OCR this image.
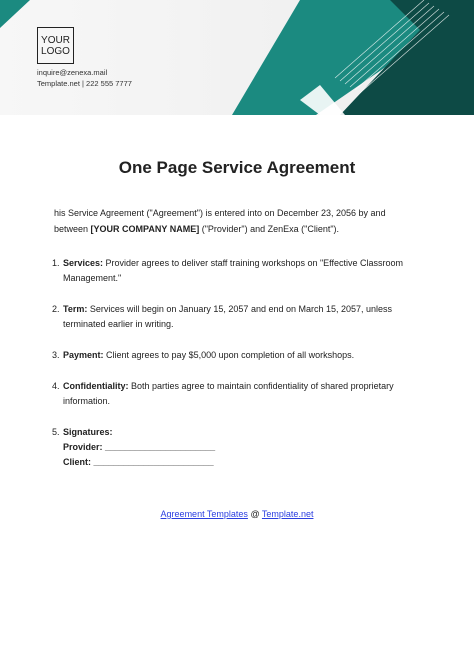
YOUR
LOGO
inquire@zenexa.mail
Template.net | 222 555 7777
One Page Service Agreement
his Service Agreement ("Agreement") is entered into on December 23, 2056 by and
between [YOUR COMPANY NAME] ("Provider") and ZenExa ("Client").
1. Services: Provider agrees to deliver staff training workshops on "Effective Classroom Management."
2. Term: Services will begin on January 15, 2057 and end on March 15, 2057, unless terminated earlier in writing.
3. Payment: Client agrees to pay $5,000 upon completion of all workshops.
4. Confidentiality: Both parties agree to maintain confidentiality of shared proprietary information.
5. Signatures:
Provider: ______________________
Client: ________________________
Agreement Templates @ Template.net
